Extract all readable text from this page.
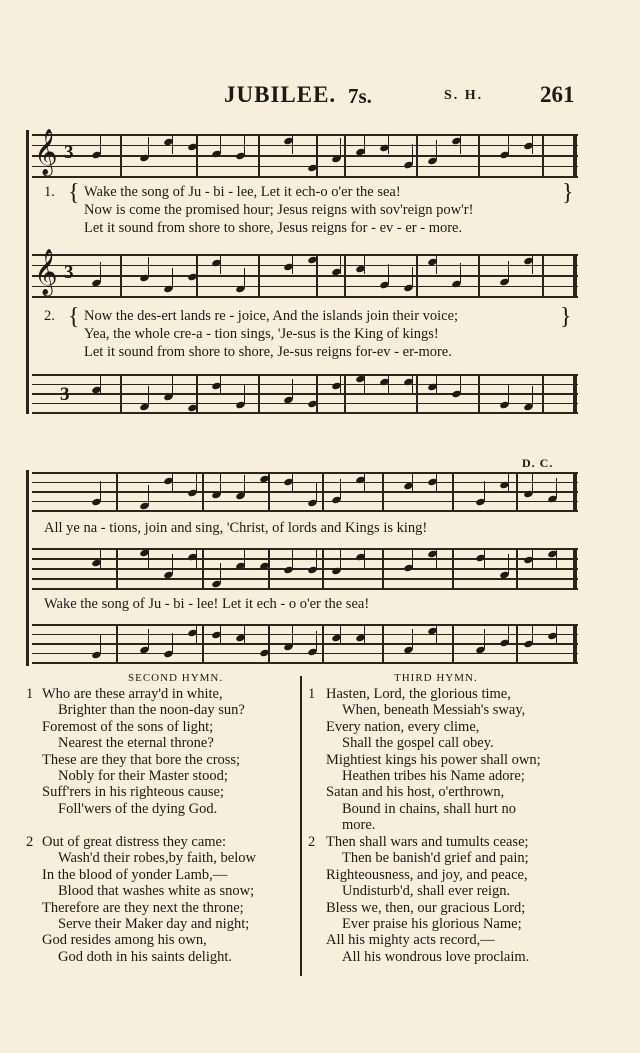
JUBILEE. 7s.	S. H. 261
𝄞 3
1. { Wake the song of Ju - bi - lee, Let it ech-o o'er the sea!
Now is come the promised hour; Jesus reigns with sov'reign pow'r!
Let it sound from shore to shore, Jesus reigns for - ev - er - more.
}
𝄞 3
2. { Now the des-ert lands re - joice, And the islands join their voice;
Yea, the whole cre-a - tion sings, 'Je-sus is the King of kings!
Let it sound from shore to shore, Je-sus reigns for-ev - er-more.
}
3
D. C.
All ye na - tions, join and sing, 'Christ, of lords and Kings is king!
Wake the song of Ju - bi - lee! Let it ech - o o'er the sea!
SECOND HYMN.
1 Who are these array'd in white,
Brighter than the noon-day sun?
Foremost of the sons of light;
Nearest the eternal throne?
These are they that bore the cross;
Nobly for their Master stood;
Suff'rers in his righteous cause;
Foll'wers of the dying God.
2 Out of great distress they came:
Wash'd their robes,by faith, below
In the blood of yonder Lamb,—
Blood that washes white as snow;
Therefore are they next the throne;
Serve their Maker day and night;
God resides among his own,
God doth in his saints delight.
THIRD HYMN.
1 Hasten, Lord, the glorious time,
When, beneath Messiah's sway,
Every nation, every clime,
Shall the gospel call obey.
Mightiest kings his power shall own;
Heathen tribes his Name adore;
Satan and his host, o'erthrown,
Bound in chains, shall hurt no
more.
2 Then shall wars and tumults cease;
Then be banish'd grief and pain;
Righteousness, and joy, and peace,
Undisturb'd, shall ever reign.
Bless we, then, our gracious Lord;
Ever praise his glorious Name;
All his mighty acts record,—
All his wondrous love proclaim.
